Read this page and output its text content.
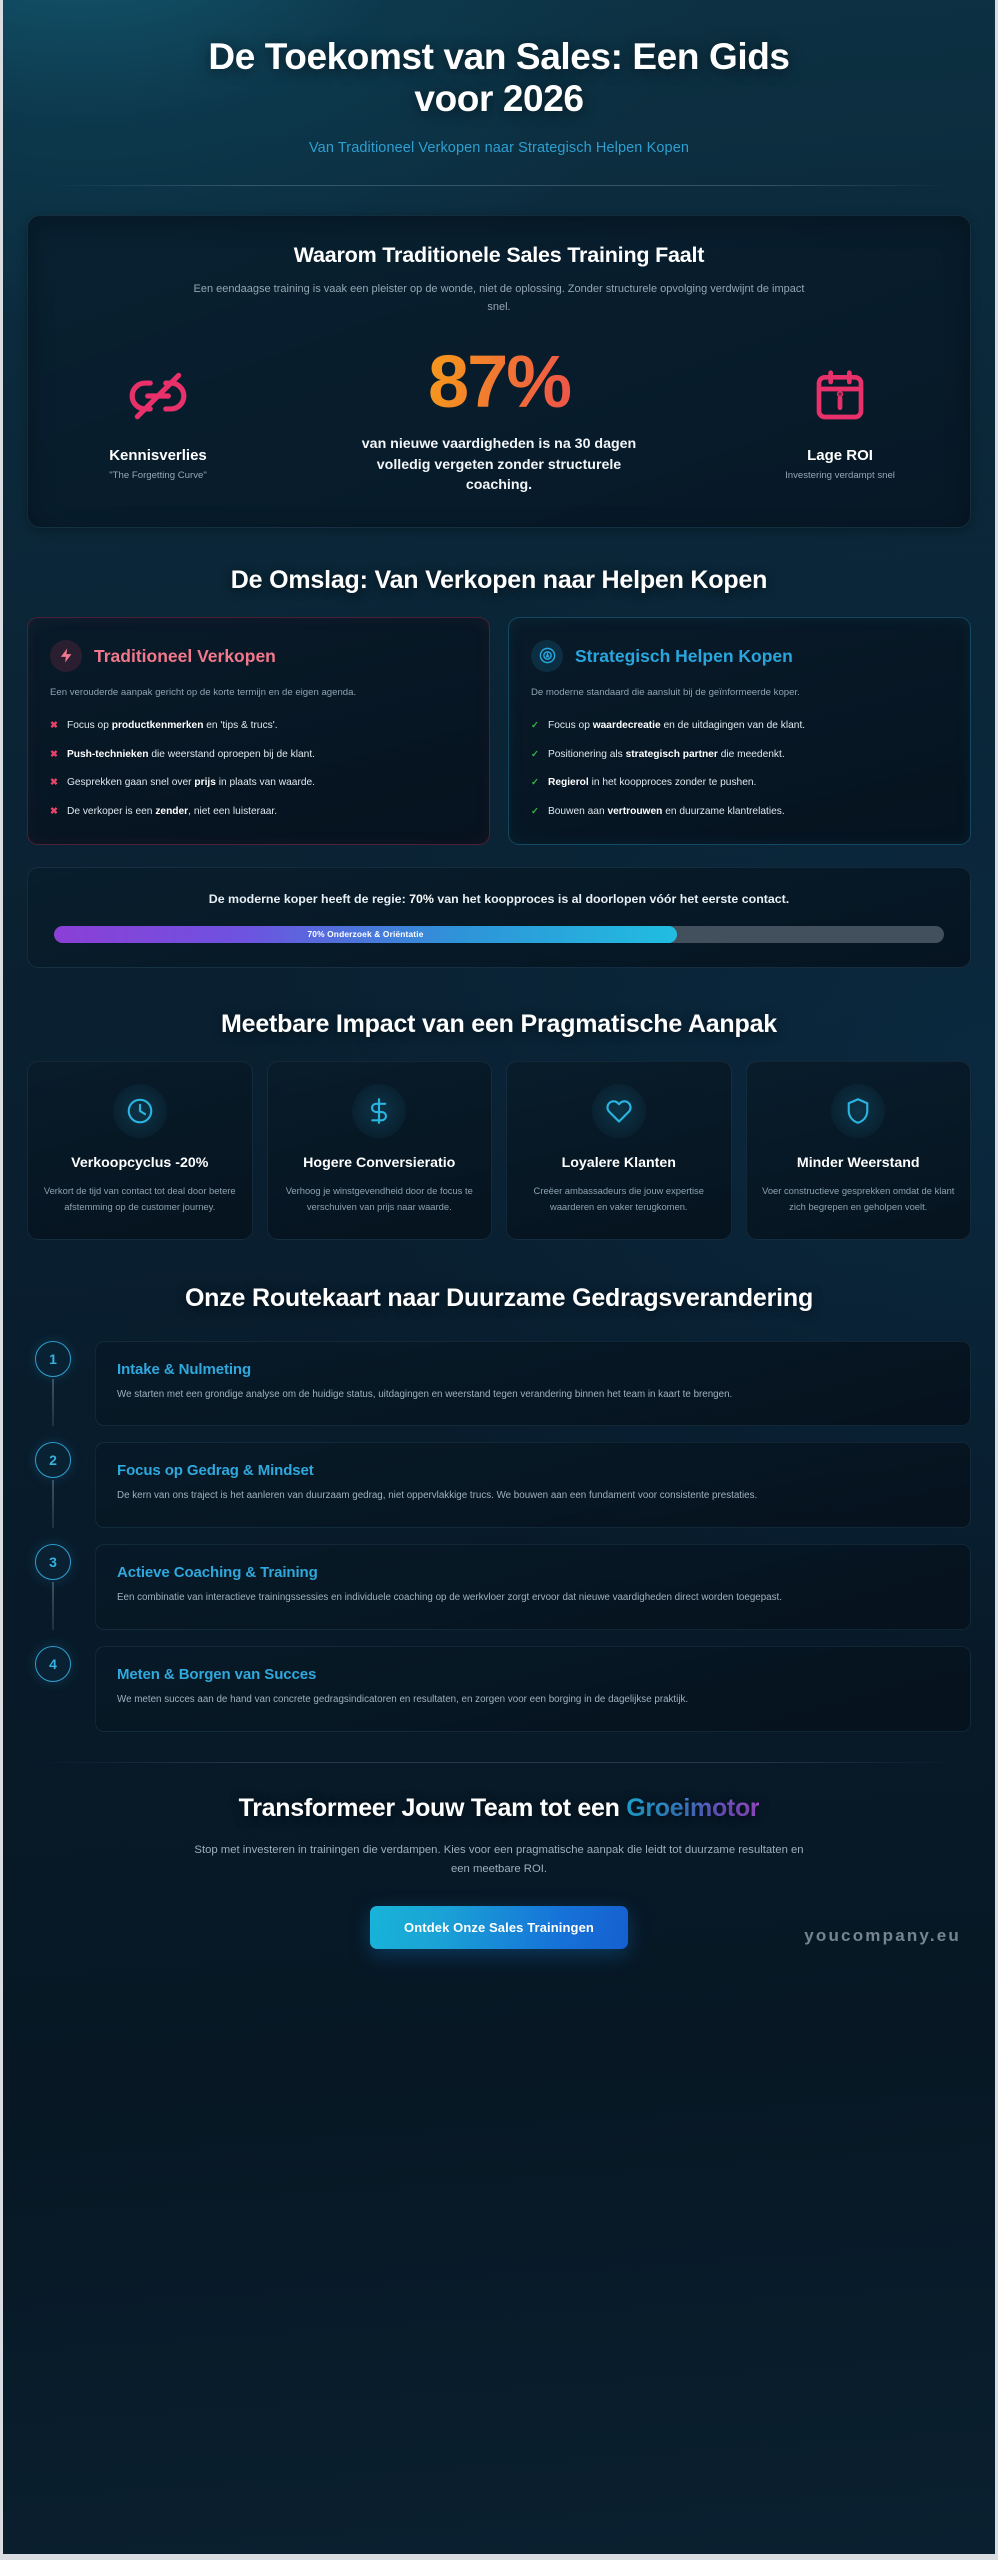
De Toekomst van Sales: Een Gids voor 2026
Van Traditioneel Verkopen naar Strategisch Helpen Kopen
Waarom Traditionele Sales Training Faalt
Een eendaagse training is vaak een pleister op de wonde, niet de oplossing. Zonder structurele opvolging verdwijnt de impact snel.
Kennisverlies
"The Forgetting Curve"
87%
van nieuwe vaardigheden is na 30 dagen volledig vergeten zonder structurele coaching.
Lage ROI
Investering verdampt snel
De Omslag: Van Verkopen naar Helpen Kopen
Traditioneel Verkopen
Een verouderde aanpak gericht op de korte termijn en de eigen agenda.
✖ Focus op productkenmerken en 'tips & trucs'.
✖ Push-technieken die weerstand oproepen bij de klant.
✖ Gesprekken gaan snel over prijs in plaats van waarde.
✖ De verkoper is een zender, niet een luisteraar.
Strategisch Helpen Kopen
De moderne standaard die aansluit bij de geïnformeerde koper.
✓ Focus op waardecreatie en de uitdagingen van de klant.
✓ Positionering als strategisch partner die meedenkt.
✓ Regierol in het koopproces zonder te pushen.
✓ Bouwen aan vertrouwen en duurzame klantrelaties.

De moderne koper heeft de regie: 70% van het koopproces is al doorlopen vóór het eerste contact.

70% Onderzoek & Oriëntatie
Meetbare Impact van een Pragmatische Aanpak
Verkoopcyclus -20%
Verkort de tijd van contact tot deal door betere afstemming op de customer journey.
Hogere Conversieratio
Verhoog je winstgevendheid door de focus te verschuiven van prijs naar waarde.
Loyalere Klanten
Creëer ambassadeurs die jouw expertise waarderen en vaker terugkomen.
Minder Weerstand
Voer constructieve gesprekken omdat de klant zich begrepen en geholpen voelt.
Onze Routekaart naar Duurzame Gedragsverandering
1
Intake & Nulmeting
We starten met een grondige analyse om de huidige status, uitdagingen en weerstand tegen verandering binnen het team in kaart te brengen.
2
Focus op Gedrag & Mindset
De kern van ons traject is het aanleren van duurzaam gedrag, niet oppervlakkige trucs. We bouwen aan een fundament voor consistente prestaties.
3
Actieve Coaching & Training
Een combinatie van interactieve trainingssessies en individuele coaching op de werkvloer zorgt ervoor dat nieuwe vaardigheden direct worden toegepast.
4
Meten & Borgen van Succes
We meten succes aan de hand van concrete gedragsindicatoren en resultaten, en zorgen voor een borging in de dagelijkse praktijk.
Transformeer Jouw Team tot een Groeimotor

Stop met investeren in trainingen die verdampen. Kies voor een pragmatische aanpak die leidt tot duurzame resultaten en een meetbare ROI.

Ontdek Onze Sales Trainingen	youcompany.eu
